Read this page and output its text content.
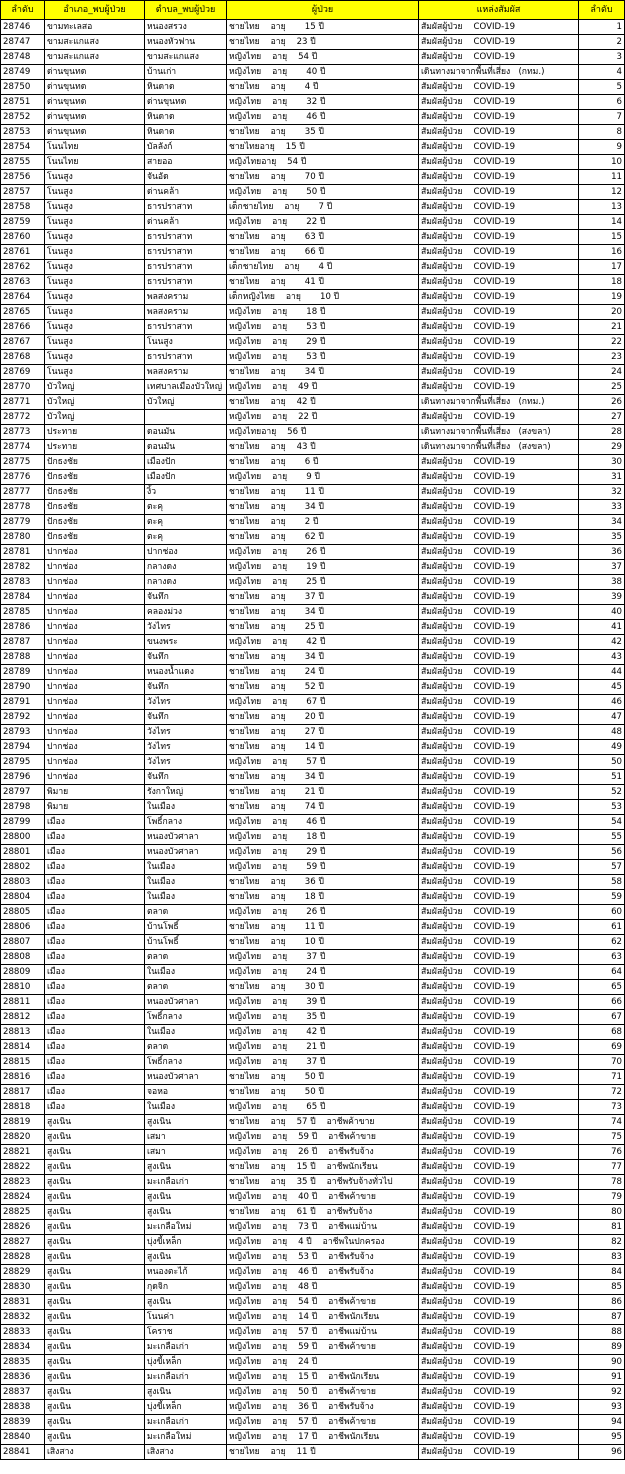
ลำดับ	อำเภอ_พบผู้ป่วย	ตำบล_พบผู้ป่วย	ผู้ป่วย	แหล่งสัมผัส	ลำดับ
28746	ขามทะเลสอ	หนองสรวง	ชายไทย    อายุ       15 ปี	สัมผัสผู้ป่วย    COVID-19	1
28747	ขามสะแกแสง	หนองหัวฟาน	ชายไทย    อายุ    23 ปี	สัมผัสผู้ป่วย    COVID-19	2
28748	ขามสะแกแสง	ขามสะแกแสง	หญิงไทย    อายุ    54 ปี	สัมผัสผู้ป่วย    COVID-19	3
28749	ด่านขุนทด	บ้านเก่า	หญิงไทย    อายุ       40 ปี	เดินทางมาจากพื้นที่เสี่ยง   (กทม.)	4
28750	ด่านขุนทด	หินดาด	ชายไทย    อายุ       4 ปี	สัมผัสผู้ป่วย    COVID-19	5
28751	ด่านขุนทด	ด่านขุนทด	หญิงไทย    อายุ       32 ปี	สัมผัสผู้ป่วย    COVID-19	6
28752	ด่านขุนทด	หินดาด	หญิงไทย    อายุ       46 ปี	สัมผัสผู้ป่วย    COVID-19	7
28753	ด่านขุนทด	หินดาด	ชายไทย    อายุ       35 ปี	สัมผัสผู้ป่วย    COVID-19	8
28754	โนนไทย	บัลลังก์	ชายไทยอายุ    15 ปี	สัมผัสผู้ป่วย    COVID-19	9
28755	โนนไทย	สายออ	หญิงไทยอายุ    54 ปี	สัมผัสผู้ป่วย    COVID-19	10
28756	โนนสูง	จันอัด	ชายไทย    อายุ       70 ปี	สัมผัสผู้ป่วย    COVID-19	11
28757	โนนสูง	ด่านคล้า	หญิงไทย    อายุ       50 ปี	สัมผัสผู้ป่วย    COVID-19	12
28758	โนนสูง	ธารปราสาท	เด็กชายไทย    อายุ       7 ปี	สัมผัสผู้ป่วย    COVID-19	13
28759	โนนสูง	ด่านคล้า	หญิงไทย    อายุ       22 ปี	สัมผัสผู้ป่วย    COVID-19	14
28760	โนนสูง	ธารปราสาท	ชายไทย    อายุ       63 ปี	สัมผัสผู้ป่วย    COVID-19	15
28761	โนนสูง	ธารปราสาท	ชายไทย    อายุ       66 ปี	สัมผัสผู้ป่วย    COVID-19	16
28762	โนนสูง	ธารปราสาท	เด็กชายไทย    อายุ       4 ปี	สัมผัสผู้ป่วย    COVID-19	17
28763	โนนสูง	ธารปราสาท	ชายไทย    อายุ       41 ปี	สัมผัสผู้ป่วย    COVID-19	18
28764	โนนสูง	พลสงคราม	เด็กหญิงไทย    อายุ       10 ปี	สัมผัสผู้ป่วย    COVID-19	19
28765	โนนสูง	พลสงคราม	หญิงไทย    อายุ       18 ปี	สัมผัสผู้ป่วย    COVID-19	20
28766	โนนสูง	ธารปราสาท	หญิงไทย    อายุ       53 ปี	สัมผัสผู้ป่วย    COVID-19	21
28767	โนนสูง	โนนสูง	หญิงไทย    อายุ       29 ปี	สัมผัสผู้ป่วย    COVID-19	22
28768	โนนสูง	ธารปราสาท	หญิงไทย    อายุ       53 ปี	สัมผัสผู้ป่วย    COVID-19	23
28769	โนนสูง	พลสงคราม	ชายไทย    อายุ       34 ปี	สัมผัสผู้ป่วย    COVID-19	24
28770	บัวใหญ่	เทศบาลเมืองบัวใหญ่	หญิงไทย    อายุ    49 ปี	สัมผัสผู้ป่วย    COVID-19	25
28771	บัวใหญ่	บัวใหญ่	ชายไทย    อายุ    42 ปี	เดินทางมาจากพื้นที่เสี่ยง   (กทม.)	26
28772	บัวใหญ่		หญิงไทย    อายุ    22 ปี	สัมผัสผู้ป่วย    COVID-19	27
28773	ประทาย	ดอนมัน	หญิงไทยอายุ    56 ปี	เดินทางมาจากพื้นที่เสี่ยง   (สงขลา)	28
28774	ประทาย	ดอนมัน	ชายไทย    อายุ    43 ปี	เดินทางมาจากพื้นที่เสี่ยง   (สงขลา)	29
28775	ปักธงชัย	เมืองปัก	ชายไทย    อายุ       6 ปี	สัมผัสผู้ป่วย    COVID-19	30
28776	ปักธงชัย	เมืองปัก	หญิงไทย    อายุ       9 ปี	สัมผัสผู้ป่วย    COVID-19	31
28777	ปักธงชัย	งิ้ว	ชายไทย    อายุ       11 ปี	สัมผัสผู้ป่วย    COVID-19	32
28778	ปักธงชัย	ตะคุ	ชายไทย    อายุ       34 ปี	สัมผัสผู้ป่วย    COVID-19	33
28779	ปักธงชัย	ตะคุ	ชายไทย    อายุ       2 ปี	สัมผัสผู้ป่วย    COVID-19	34
28780	ปักธงชัย	ตะคุ	ชายไทย    อายุ       62 ปี	สัมผัสผู้ป่วย    COVID-19	35
28781	ปากช่อง	ปากช่อง	หญิงไทย    อายุ       26 ปี	สัมผัสผู้ป่วย    COVID-19	36
28782	ปากช่อง	กลางดง	หญิงไทย    อายุ       19 ปี	สัมผัสผู้ป่วย    COVID-19	37
28783	ปากช่อง	กลางดง	หญิงไทย    อายุ       25 ปี	สัมผัสผู้ป่วย    COVID-19	38
28784	ปากช่อง	จันทึก	ชายไทย    อายุ       37 ปี	สัมผัสผู้ป่วย    COVID-19	39
28785	ปากช่อง	คลองม่วง	ชายไทย    อายุ       34 ปี	สัมผัสผู้ป่วย    COVID-19	40
28786	ปากช่อง	วังไทร	ชายไทย    อายุ       25 ปี	สัมผัสผู้ป่วย    COVID-19	41
28787	ปากช่อง	ขนงพระ	หญิงไทย    อายุ       42 ปี	สัมผัสผู้ป่วย    COVID-19	42
28788	ปากช่อง	จันทึก	ชายไทย    อายุ       34 ปี	สัมผัสผู้ป่วย    COVID-19	43
28789	ปากช่อง	หนองน้ำแดง	ชายไทย    อายุ       24 ปี	สัมผัสผู้ป่วย    COVID-19	44
28790	ปากช่อง	จันทึก	ชายไทย    อายุ       52 ปี	สัมผัสผู้ป่วย    COVID-19	45
28791	ปากช่อง	วังไทร	หญิงไทย    อายุ       67 ปี	สัมผัสผู้ป่วย    COVID-19	46
28792	ปากช่อง	จันทึก	ชายไทย    อายุ       20 ปี	สัมผัสผู้ป่วย    COVID-19	47
28793	ปากช่อง	วังไทร	ชายไทย    อายุ       27 ปี	สัมผัสผู้ป่วย    COVID-19	48
28794	ปากช่อง	วังไทร	ชายไทย    อายุ       14 ปี	สัมผัสผู้ป่วย    COVID-19	49
28795	ปากช่อง	วังไทร	หญิงไทย    อายุ       57 ปี	สัมผัสผู้ป่วย    COVID-19	50
28796	ปากช่อง	จันทึก	ชายไทย    อายุ       34 ปี	สัมผัสผู้ป่วย    COVID-19	51
28797	พิมาย	รังกาใหญ่	ชายไทย    อายุ       21 ปี	สัมผัสผู้ป่วย    COVID-19	52
28798	พิมาย	ในเมือง	ชายไทย    อายุ       74 ปี	สัมผัสผู้ป่วย    COVID-19	53
28799	เมือง	โพธิ์กลาง	หญิงไทย    อายุ       46 ปี	สัมผัสผู้ป่วย    COVID-19	54
28800	เมือง	หนองบัวศาลา	หญิงไทย    อายุ       18 ปี	สัมผัสผู้ป่วย    COVID-19	55
28801	เมือง	หนองบัวศาลา	หญิงไทย    อายุ       29 ปี	สัมผัสผู้ป่วย    COVID-19	56
28802	เมือง	ในเมือง	หญิงไทย    อายุ       59 ปี	สัมผัสผู้ป่วย    COVID-19	57
28803	เมือง	ในเมือง	ชายไทย    อายุ       36 ปี	สัมผัสผู้ป่วย    COVID-19	58
28804	เมือง	ในเมือง	ชายไทย    อายุ       18 ปี	สัมผัสผู้ป่วย    COVID-19	59
28805	เมือง	ตลาด	หญิงไทย    อายุ       26 ปี	สัมผัสผู้ป่วย    COVID-19	60
28806	เมือง	บ้านโพธิ์	ชายไทย    อายุ       11 ปี	สัมผัสผู้ป่วย    COVID-19	61
28807	เมือง	บ้านโพธิ์	ชายไทย    อายุ       10 ปี	สัมผัสผู้ป่วย    COVID-19	62
28808	เมือง	ตลาด	หญิงไทย    อายุ       37 ปี	สัมผัสผู้ป่วย    COVID-19	63
28809	เมือง	ในเมือง	หญิงไทย    อายุ       24 ปี	สัมผัสผู้ป่วย    COVID-19	64
28810	เมือง	ตลาด	ชายไทย    อายุ       30 ปี	สัมผัสผู้ป่วย    COVID-19	65
28811	เมือง	หนองบัวศาลา	หญิงไทย    อายุ       39 ปี	สัมผัสผู้ป่วย    COVID-19	66
28812	เมือง	โพธิ์กลาง	หญิงไทย    อายุ       35 ปี	สัมผัสผู้ป่วย    COVID-19	67
28813	เมือง	ในเมือง	หญิงไทย    อายุ       42 ปี	สัมผัสผู้ป่วย    COVID-19	68
28814	เมือง	ตลาด	หญิงไทย    อายุ       21 ปี	สัมผัสผู้ป่วย    COVID-19	69
28815	เมือง	โพธิ์กลาง	หญิงไทย    อายุ       37 ปี	สัมผัสผู้ป่วย    COVID-19	70
28816	เมือง	หนองบัวศาลา	ชายไทย    อายุ       50 ปี	สัมผัสผู้ป่วย    COVID-19	71
28817	เมือง	จอหอ	ชายไทย    อายุ       50 ปี	สัมผัสผู้ป่วย    COVID-19	72
28818	เมือง	ในเมือง	หญิงไทย    อายุ       65 ปี	สัมผัสผู้ป่วย    COVID-19	73
28819	สูงเนิน	สูงเนิน	ชายไทย    อายุ    57 ปี    อาชีพค้าขาย	สัมผัสผู้ป่วย    COVID-19	74
28820	สูงเนิน	เสมา	หญิงไทย    อายุ    59 ปี    อาชีพค้าขาย	สัมผัสผู้ป่วย    COVID-19	75
28821	สูงเนิน	เสมา	หญิงไทย    อายุ    26 ปี    อาชีพรับจ้าง	สัมผัสผู้ป่วย    COVID-19	76
28822	สูงเนิน	สูงเนิน	ชายไทย    อายุ    15 ปี    อาชีพนักเรียน	สัมผัสผู้ป่วย    COVID-19	77
28823	สูงเนิน	มะเกลือเก่า	ชายไทย    อายุ    35 ปี    อาชีพรับจ้างทั่วไป	สัมผัสผู้ป่วย    COVID-19	78
28824	สูงเนิน	สูงเนิน	หญิงไทย    อายุ    40 ปี    อาชีพค้าขาย	สัมผัสผู้ป่วย    COVID-19	79
28825	สูงเนิน	สูงเนิน	ชายไทย    อายุ    61 ปี    อาชีพรับจ้าง	สัมผัสผู้ป่วย    COVID-19	80
28826	สูงเนิน	มะเกลือใหม่	หญิงไทย    อายุ    73 ปี    อาชีพแม่บ้าน	สัมผัสผู้ป่วย    COVID-19	81
28827	สูงเนิน	บุ่งขี้เหล็ก	หญิงไทย    อายุ    4 ปี    อาชีพในปกครอง	สัมผัสผู้ป่วย    COVID-19	82
28828	สูงเนิน	สูงเนิน	หญิงไทย    อายุ    53 ปี    อาชีพรับจ้าง	สัมผัสผู้ป่วย    COVID-19	83
28829	สูงเนิน	หนองตะไก้	หญิงไทย    อายุ    46 ปี    อาชีพรับจ้าง	สัมผัสผู้ป่วย    COVID-19	84
28830	สูงเนิน	กุดจิก	หญิงไทย    อายุ    48 ปี	สัมผัสผู้ป่วย    COVID-19	85
28831	สูงเนิน	สูงเนิน	หญิงไทย    อายุ    54 ปี    อาชีพค้าขาย	สัมผัสผู้ป่วย    COVID-19	86
28832	สูงเนิน	โนนค่า	หญิงไทย    อายุ    14 ปี    อาชีพนักเรียน	สัมผัสผู้ป่วย    COVID-19	87
28833	สูงเนิน	โคราช	หญิงไทย    อายุ    57 ปี    อาชีพแม่บ้าน	สัมผัสผู้ป่วย    COVID-19	88
28834	สูงเนิน	มะเกลือเก่า	หญิงไทย    อายุ    59 ปี    อาชีพค้าขาย	สัมผัสผู้ป่วย    COVID-19	89
28835	สูงเนิน	บุ่งขี้เหล็ก	หญิงไทย    อายุ    24 ปี	สัมผัสผู้ป่วย    COVID-19	90
28836	สูงเนิน	มะเกลือเก่า	หญิงไทย    อายุ    15 ปี    อาชีพนักเรียน	สัมผัสผู้ป่วย    COVID-19	91
28837	สูงเนิน	สูงเนิน	หญิงไทย    อายุ    50 ปี    อาชีพค้าขาย	สัมผัสผู้ป่วย    COVID-19	92
28838	สูงเนิน	บุ่งขี้เหล็ก	หญิงไทย    อายุ    36 ปี    อาชีพรับจ้าง	สัมผัสผู้ป่วย    COVID-19	93
28839	สูงเนิน	มะเกลือเก่า	หญิงไทย    อายุ    57 ปี    อาชีพค้าขาย	สัมผัสผู้ป่วย    COVID-19	94
28840	สูงเนิน	มะเกลือใหม่	หญิงไทย    อายุ    17 ปี    อาชีพนักเรียน	สัมผัสผู้ป่วย    COVID-19	95
28841	เสิงสาง	เสิงสาง	ชายไทย    อายุ    11 ปี	สัมผัสผู้ป่วย    COVID-19	96
